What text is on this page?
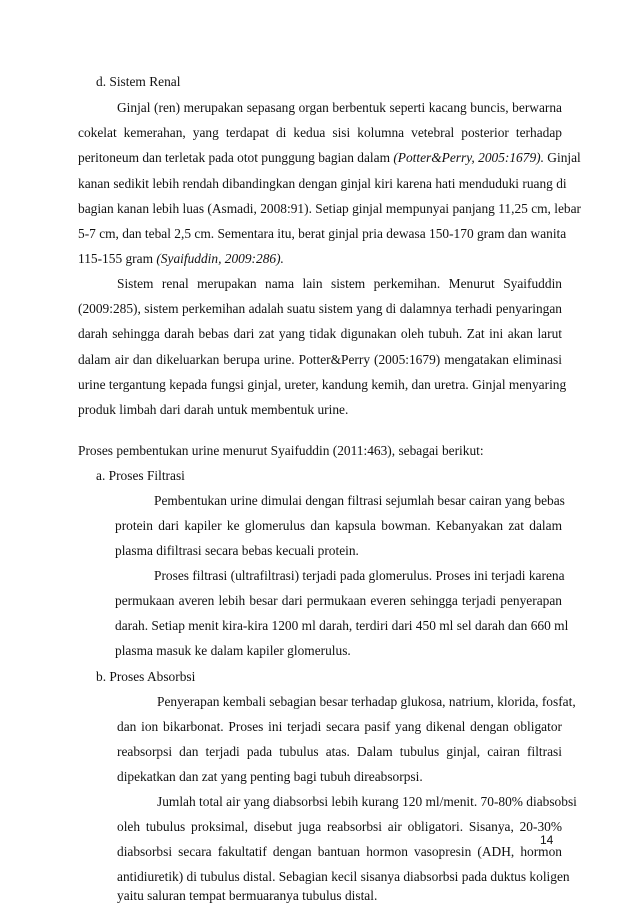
d. Sistem Renal
Ginjal (ren) merupakan sepasang organ berbentuk seperti kacang buncis, berwarna
cokelat kemerahan, yang terdapat di kedua sisi kolumna vetebral posterior terhadap
peritoneum dan terletak pada otot punggung bagian dalam (Potter&Perry, 2005:1679). Ginjal
kanan sedikit lebih rendah dibandingkan dengan ginjal kiri karena hati menduduki ruang di
bagian kanan lebih luas (Asmadi, 2008:91). Setiap ginjal mempunyai panjang 11,25 cm, lebar
5-7 cm, dan tebal 2,5 cm. Sementara itu, berat ginjal pria dewasa 150-170 gram dan wanita
115-155 gram (Syaifuddin, 2009:286).
Sistem renal merupakan nama lain sistem perkemihan. Menurut Syaifuddin
(2009:285), sistem perkemihan adalah suatu sistem yang di dalamnya terhadi penyaringan
darah sehingga darah bebas dari zat yang tidak digunakan oleh tubuh. Zat ini akan larut
dalam air dan dikeluarkan berupa urine. Potter&Perry (2005:1679) mengatakan eliminasi
urine tergantung kepada fungsi ginjal, ureter, kandung kemih, dan uretra. Ginjal menyaring
produk limbah dari darah untuk membentuk urine.
Proses pembentukan urine menurut Syaifuddin (2011:463), sebagai berikut:
a. Proses Filtrasi
Pembentukan urine dimulai dengan filtrasi sejumlah besar cairan yang bebas
protein dari kapiler ke glomerulus dan kapsula bowman. Kebanyakan zat dalam
plasma difiltrasi secara bebas kecuali protein.
Proses filtrasi (ultrafiltrasi) terjadi pada glomerulus. Proses ini terjadi karena
permukaan averen lebih besar dari permukaan everen sehingga terjadi penyerapan
darah. Setiap menit kira-kira 1200 ml darah, terdiri dari 450 ml sel darah dan 660 ml
plasma masuk ke dalam kapiler glomerulus.
b. Proses Absorbsi
Penyerapan kembali sebagian besar terhadap glukosa, natrium, klorida, fosfat,
dan ion bikarbonat. Proses ini terjadi secara pasif yang dikenal dengan obligator
reabsorpsi dan terjadi pada tubulus atas. Dalam tubulus ginjal, cairan filtrasi
dipekatkan dan zat yang penting bagi tubuh direabsorpsi.
Jumlah total air yang diabsorbsi lebih kurang 120 ml/menit. 70-80% diabsobsi
oleh tubulus proksimal, disebut juga reabsorbsi air obligatori. Sisanya, 20-30%
diabsorbsi secara fakultatif dengan bantuan hormon vasopresin (ADH, hormon
antidiuretik) di tubulus distal. Sebagian kecil sisanya diabsorbsi pada duktus koligen
yaitu saluran tempat bermuaranya tubulus distal.
14
